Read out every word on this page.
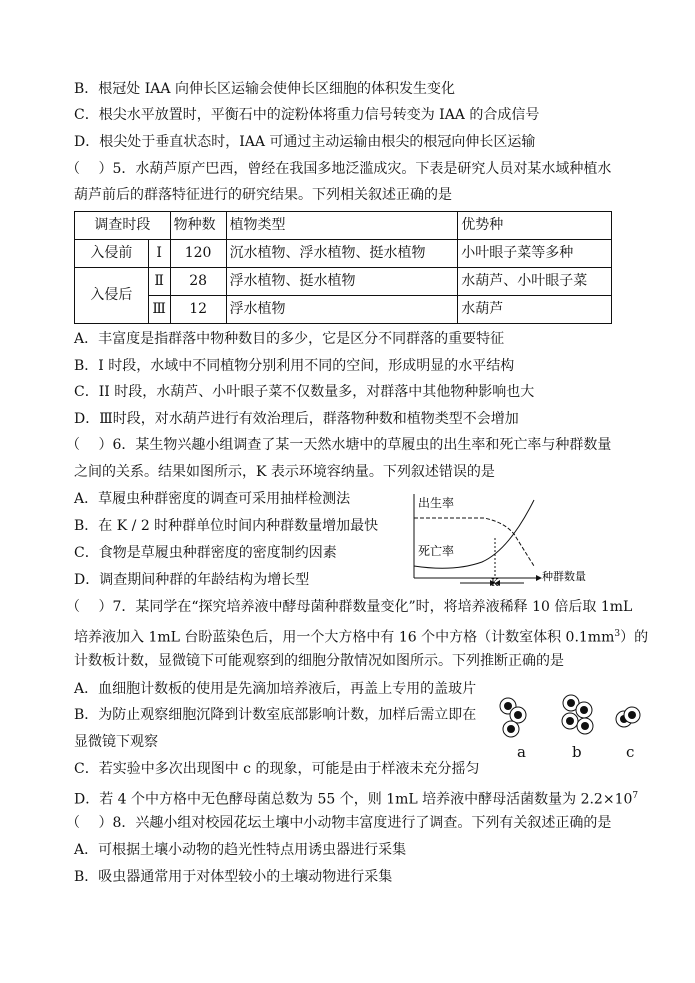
B．根冠处 IAA 向伸长区运输会使伸长区细胞的体积发生变化
C．根尖水平放置时，平衡石中的淀粉体将重力信号转变为 IAA 的合成信号
D．根尖处于垂直状态时，IAA 可通过主动运输由根尖的根冠向伸长区运输
（　 ）5．水葫芦原产巴西，曾经在我国多地泛滥成灾。下表是研究人员对某水域种植水
葫芦前后的群落特征进行的研究结果。下列相关叙述正确的是
调查时段		物种数	植物类型	优势种
入侵前	Ⅰ	120	沉水植物、浮水植物、挺水植物	小叶眼子菜等多种
入侵后	Ⅱ	28	浮水植物、挺水植物	水葫芦、小叶眼子菜
	Ⅲ	12	浮水植物	水葫芦
A．丰富度是指群落中物种数目的多少，它是区分不同群落的重要特征
B．I 时段，水域中不同植物分别利用不同的空间，形成明显的水平结构
C．II 时段，水葫芦、小叶眼子菜不仅数量多，对群落中其他物种影响也大
D．Ⅲ时段，对水葫芦进行有效治理后，群落物种数和植物类型不会增加
（　 ）6．某生物兴趣小组调查了某一天然水塘中的草履虫的出生率和死亡率与种群数量
之间的关系。结果如图所示，K 表示环境容纳量。下列叙述错误的是
A．草履虫种群密度的调查可采用抽样检测法
B．在 K / 2 时种群单位时间内种群数量增加最快
C．食物是草履虫种群密度的密度制约因素
D．调查期间种群的年龄结构为增长型
出生率
死亡率
K
种群数量
（　 ）7．某同学在“探究培养液中酵母菌种群数量变化”时，将培养液稀释 10 倍后取 1mL
培养液加入 1mL 台盼蓝染色后，用一个大方格中有 16 个中方格（计数室体积 $0.1mm^3$）的
计数板计数，显微镜下可能观察到的细胞分散情况如图所示。下列推断正确的是
A．血细胞计数板的使用是先滴加培养液后，再盖上专用的盖玻片
B．为防止观察细胞沉降到计数室底部影响计数，加样后需立即在
显微镜下观察
C．若实验中多次出现图中 c 的现象，可能是由于样液未充分摇匀
D．若 4 个中方格中无色酵母菌总数为 55 个，则 1mL 培养液中酵母活菌数量为 $2.2\times 10^7$
a	b	c
（　 ）8．兴趣小组对校园花坛土壤中小动物丰富度进行了调查。下列有关叙述正确的是
A．可根据土壤小动物的趋光性特点用诱虫器进行采集
B．吸虫器通常用于对体型较小的土壤动物进行采集
